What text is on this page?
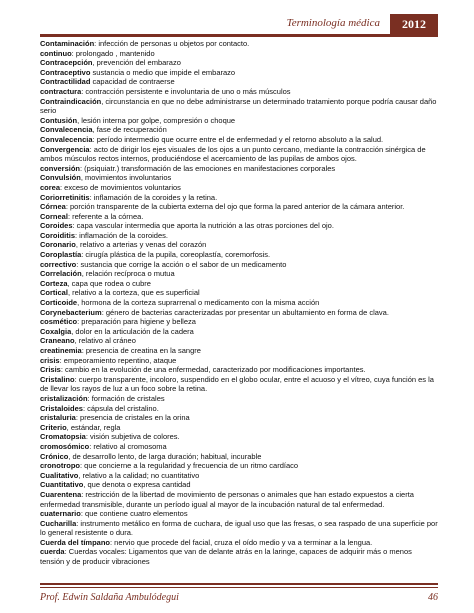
Terminología médica	2012

Contaminación: infección de personas u objetos por contacto.

continuo: prolongado , mantenido

Contracepción, prevención del embarazo

Contraceptivo sustancia o medio que impide el embarazo

Contractilidad capacidad de contraerse

contractura: contracción persistente e involuntaria de uno o más músculos

Contraindicación, circunstancia en que no debe administrarse un determinado tratamiento porque podría causar daño serio

Contusión, lesión interna por golpe, compresión o choque

Convalecencia, fase de recuperación

Convalecencia: período intermedio que ocurre entre el de enfermedad y el retorno absoluto a la salud.

Convergencia: acto de dirigir los ejes visuales de los ojos a un punto cercano, mediante la contracción sinérgica de ambos músculos rectos internos, produciéndose el acercamiento de las pupilas de ambos ojos.

conversión: (psiquiatr.) transformación de las emociones en manifestaciones corporales

Convulsión, movimientos involuntarios

corea: exceso de movimientos voluntarios

Coriorretinitis: inflamación de la coroides y la retina.

Córnea: porción transparente de la cubierta externa del ojo que forma la pared anterior de la cámara anterior.

Corneal: referente a la córnea.

Coroides: capa vascular intermedia que aporta la nutrición a las otras porciones del ojo.

Coroiditis: inflamación de la coroides.

Coronario, relativo a arterias y venas del corazón

Coroplastía: cirugía plástica de la pupila, coreoplastía, coremorfosis.

correctivo: sustancia que corrige la acción o el sabor de un medicamento

Correlación, relación recíproca o mutua

Corteza, capa que rodea o cubre

Cortical, relativo a la corteza, que es superficial

Corticoide, hormona de la corteza suprarrenal o medicamento con la misma acción

Corynebacterium: género de bacterias caracterizadas por presentar un abultamiento en forma de clava.

cosmético: preparación para higiene y belleza

Coxalgia, dolor en la articulación de la cadera

Craneano, relativo al cráneo

creatinemia: presencia de creatina en la sangre

crisis: empeoramiento repentino, ataque

Crisis: cambio en la evolución de una enfermedad, caracterizado por modificaciones importantes.

Cristalino: cuerpo transparente, incoloro, suspendido en el globo ocular, entre el acuoso y el vítreo, cuya función es la de llevar los rayos de luz a un foco sobre la retina.

cristalización: formación de cristales

Cristaloides: cápsula del cristalino.

cristaluria: presencia de cristales en la orina

Criterio, estándar, regla

Cromatopsia: visión subjetiva de colores.

cromosómico: relativo al cromosoma

Crónico, de desarrollo lento, de larga duración; habitual, incurable

cronotropo: que concierne a la regularidad y frecuencia de un ritmo cardíaco

Cualitativo, relativo a la calidad; no cuantitativo

Cuantitativo, que denota o expresa cantidad

Cuarentena: restricción de la libertad de movimiento de personas o animales que han estado expuestos a cierta enfermedad transmisible, durante un período igual al mayor de la incubación natural de tal enfermedad.

cuaternario: que contiene cuatro elementos

Cucharilla: instrumento metálico en forma de cuchara, de igual uso que las fresas, o sea raspado de una superficie por lo general resistente o dura.

Cuerda del tímpano: nervio que procede del facial, cruza el oído medio y va a terminar a la lengua.

cuerda: Cuerdas vocales: Ligamentos que van de delante atrás en la laringe, capaces de adquirir más o menos tensión y de producir vibraciones

Prof. Edwin Saldaña Ambulódegui	46
